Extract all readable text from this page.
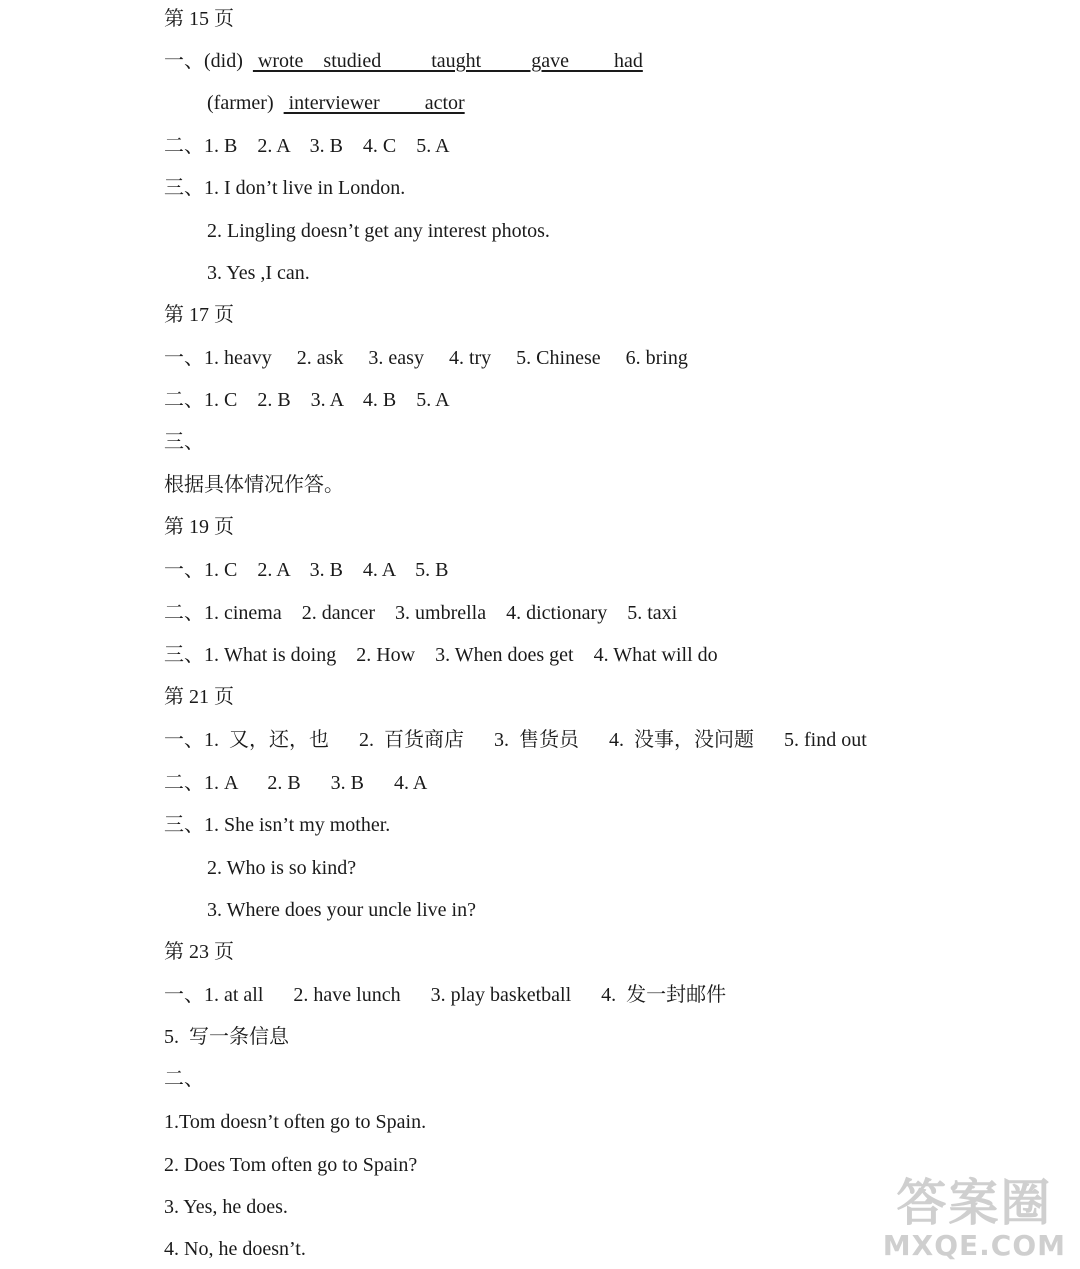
第 15 页
一、(did)   wrote    studied          taught          gave         had
(farmer)   interviewer         actor
二、1. B    2. A    3. B    4. C    5. A
三、1. I don’t live in London.
2. Lingling doesn’t get any interest photos.
3. Yes ,I can.
第 17 页
一、1. heavy     2. ask     3. easy     4. try     5. Chinese     6. bring
二、1. C    2. B    3. A    4. B    5. A
三、
根据具体情况作答。
第 19 页
一、1. C    2. A    3. B    4. A    5. B
二、1. cinema    2. dancer    3. umbrella    4. dictionary    5. taxi
三、1. What is doing    2. How    3. When does get    4. What will do
第 21 页
一、1.  又，还，也      2.  百货商店      3.  售货员      4.  没事，没问题      5. find out
二、1. A      2. B      3. B      4. A
三、1. She isn’t my mother.
2. Who is so kind?
3. Where does your uncle live in?
第 23 页
一、1. at all      2. have lunch      3. play basketball      4.  发一封邮件
5.  写一条信息
二、
1.Tom doesn’t often go to Spain.
2. Does Tom often go to Spain?
3. Yes, he does.
4. No, he doesn’t.
答案圈
MXQE.COM
